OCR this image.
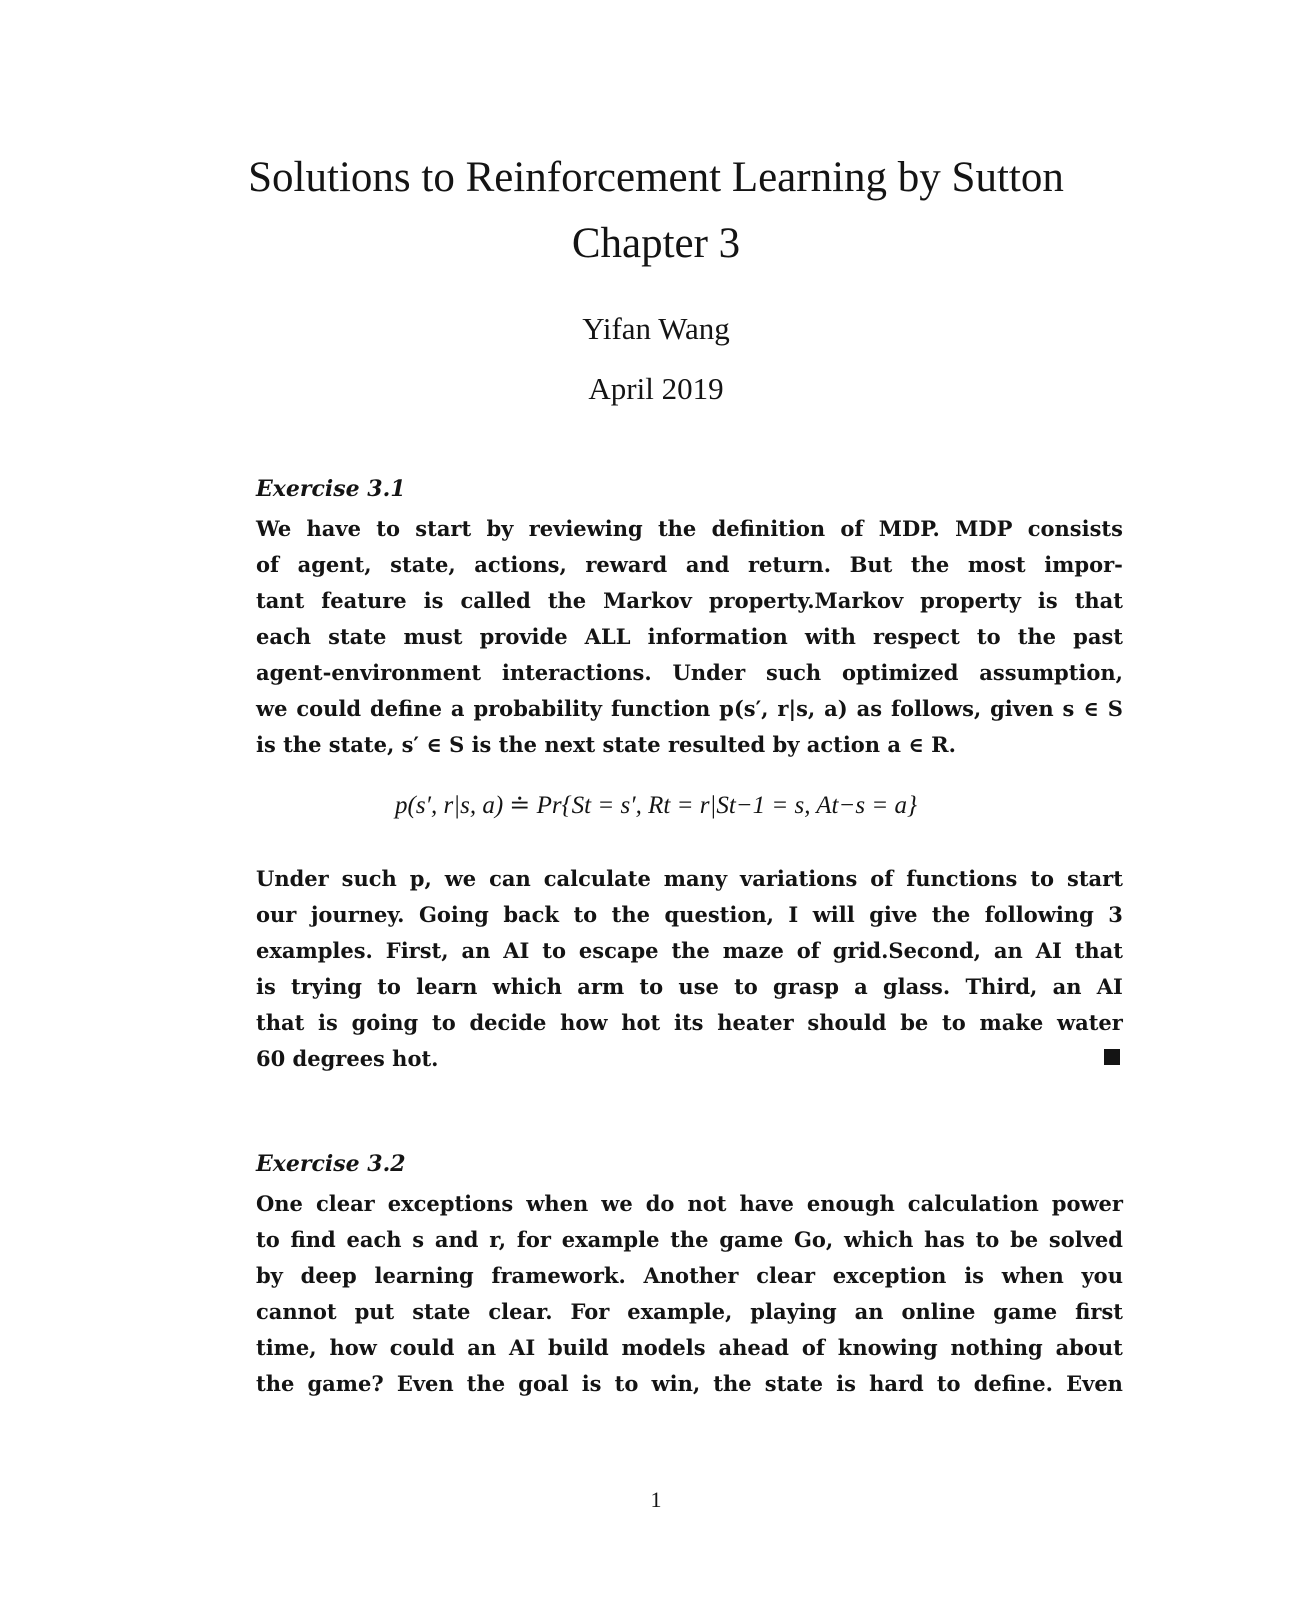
Solutions to Reinforcement Learning by Sutton
Chapter 3
Yifan Wang
April 2019
Exercise 3.1
We have to start by reviewing the definition of MDP. MDP consists
of agent, state, actions, reward and return. But the most impor-
tant feature is called the Markov property.Markov property is that
each state must provide ALL information with respect to the past
agent-environment interactions. Under such optimized assumption,
we could define a probability function p(s′, r|s, a) as follows, given s ∈ S
is the state, s′ ∈ S is the next state resulted by action a ∈ R.
p(s′, r|s, a) ≐ Pr{St = s′, Rt = r|St−1 = s, At−s = a}
Under such p, we can calculate many variations of functions to start
our journey. Going back to the question, I will give the following 3
examples. First, an AI to escape the maze of grid.Second, an AI that
is trying to learn which arm to use to grasp a glass. Third, an AI
that is going to decide how hot its heater should be to make water
60 degrees hot.
Exercise 3.2
One clear exceptions when we do not have enough calculation power
to find each s and r, for example the game Go, which has to be solved
by deep learning framework. Another clear exception is when you
cannot put state clear. For example, playing an online game first
time, how could an AI build models ahead of knowing nothing about
the game? Even the goal is to win, the state is hard to define. Even
1
